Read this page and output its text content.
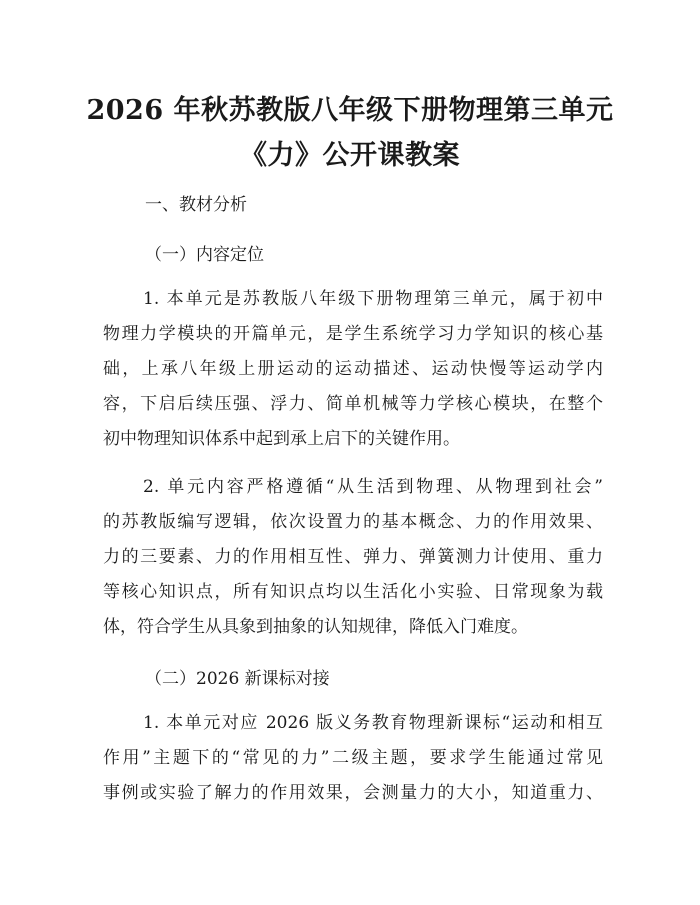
2026 年秋苏教版八年级下册物理第三单元
《力》公开课教案

一、教材分析

（一）内容定位

1. 本单元是苏教版八年级下册物理第三单元，属于初中
物理力学模块的开篇单元，是学生系统学习力学知识的核心基
础，上承八年级上册运动的运动描述、运动快慢等运动学内
容，下启后续压强、浮力、简单机械等力学核心模块，在整个
初中物理知识体系中起到承上启下的关键作用。
2. 单元内容严格遵循“从生活到物理、从物理到社会”
的苏教版编写逻辑，依次设置力的基本概念、力的作用效果、
力的三要素、力的作用相互性、弹力、弹簧测力计使用、重力
等核心知识点，所有知识点均以生活化小实验、日常现象为载
体，符合学生从具象到抽象的认知规律，降低入门难度。

（二）2026 新课标对接

1. 本单元对应 2026 版义务教育物理新课标“运动和相互
作用”主题下的“常见的力”二级主题，要求学生能通过常见
事例或实验了解力的作用效果，会测量力的大小，知道重力、
